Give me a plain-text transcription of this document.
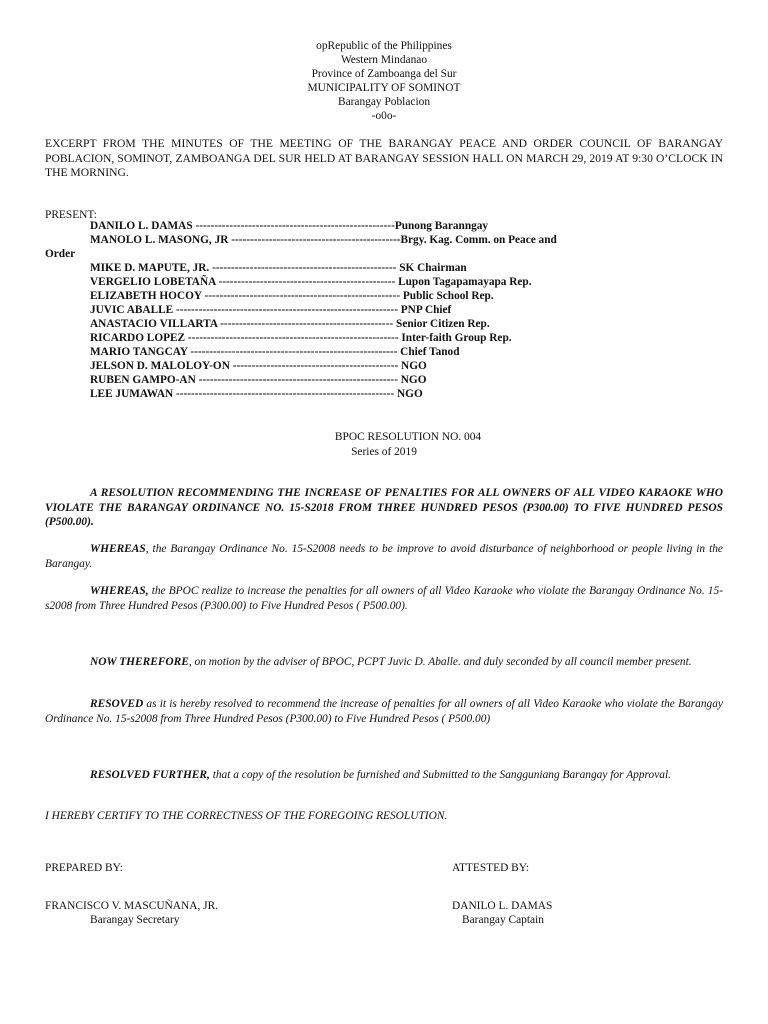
opRepublic of the Philippines
Western Mindanao
Province of Zamboanga del Sur
MUNICIPALITY OF SOMINOT
Barangay Poblacion
-o0o-
EXCERPT FROM THE MINUTES OF THE MEETING OF THE BARANGAY PEACE AND ORDER COUNCIL OF BARANGAY POBLACION, SOMINOT, ZAMBOANGA DEL SUR HELD AT BARANGAY SESSION HALL ON MARCH 29, 2019 AT 9:30 O’CLOCK IN THE MORNING.
PRESENT:
DANILO L. DAMAS -----------------------------------------------------Punong Baranngay
MANOLO L. MASONG, JR ---------------------------------------------Brgy. Kag. Comm. on Peace and
Order
MIKE D. MAPUTE, JR. ------------------------------------------------- SK Chairman
VERGELIO LOBETAÑA ----------------------------------------------- Lupon Tagapamayapa Rep.
ELIZABETH HOCOY ---------------------------------------------------- Public School Rep.
JUVIC ABALLE ----------------------------------------------------------- PNP Chief
ANASTACIO VILLARTA ---------------------------------------------- Senior Citizen Rep.
RICARDO LOPEZ -------------------------------------------------------- Inter-faith Group Rep.
MARIO TANGCAY ------------------------------------------------------- Chief Tanod
JELSON D. MALOLOY-ON -------------------------------------------- NGO
RUBEN GAMPO-AN ----------------------------------------------------- NGO
LEE JUMAWAN ---------------------------------------------------------- NGO
BPOC RESOLUTION NO. 004
Series of 2019
A RESOLUTION RECOMMENDING THE INCREASE OF PENALTIES FOR ALL OWNERS OF ALL VIDEO KARAOKE WHO VIOLATE THE BARANGAY ORDINANCE NO. 15-S2018 FROM THREE HUNDRED PESOS (P300.00) TO FIVE HUNDRED PESOS (P500.00).
WHEREAS, the Barangay Ordinance No. 15-S2008 needs to be improve to avoid disturbance of neighborhood or people living in the Barangay.
WHEREAS, the BPOC realize to increase the penalties for all owners of all Video Karaoke who violate the Barangay Ordinance No. 15-s2008 from Three Hundred Pesos (P300.00) to Five Hundred Pesos ( P500.00).
NOW THEREFORE, on motion by the adviser of BPOC, PCPT Juvic D. Aballe. and duly seconded by all council member present.
RESOVED as it is hereby resolved to recommend the increase of penalties for all owners of all Video Karaoke who violate the Barangay Ordinance No. 15-s2008 from Three Hundred Pesos (P300.00) to Five Hundred Pesos ( P500.00)
RESOLVED FURTHER, that a copy of the resolution be furnished and Submitted to the Sangguniang Barangay for Approval.
I HEREBY CERTIFY TO THE CORRECTNESS OF THE FOREGOING RESOLUTION.
PREPARED BY:	ATTESTED BY:
FRANCISCO V. MASCUÑANA, JR.
Barangay Secretary
DANILO L. DAMAS
Barangay Captain
